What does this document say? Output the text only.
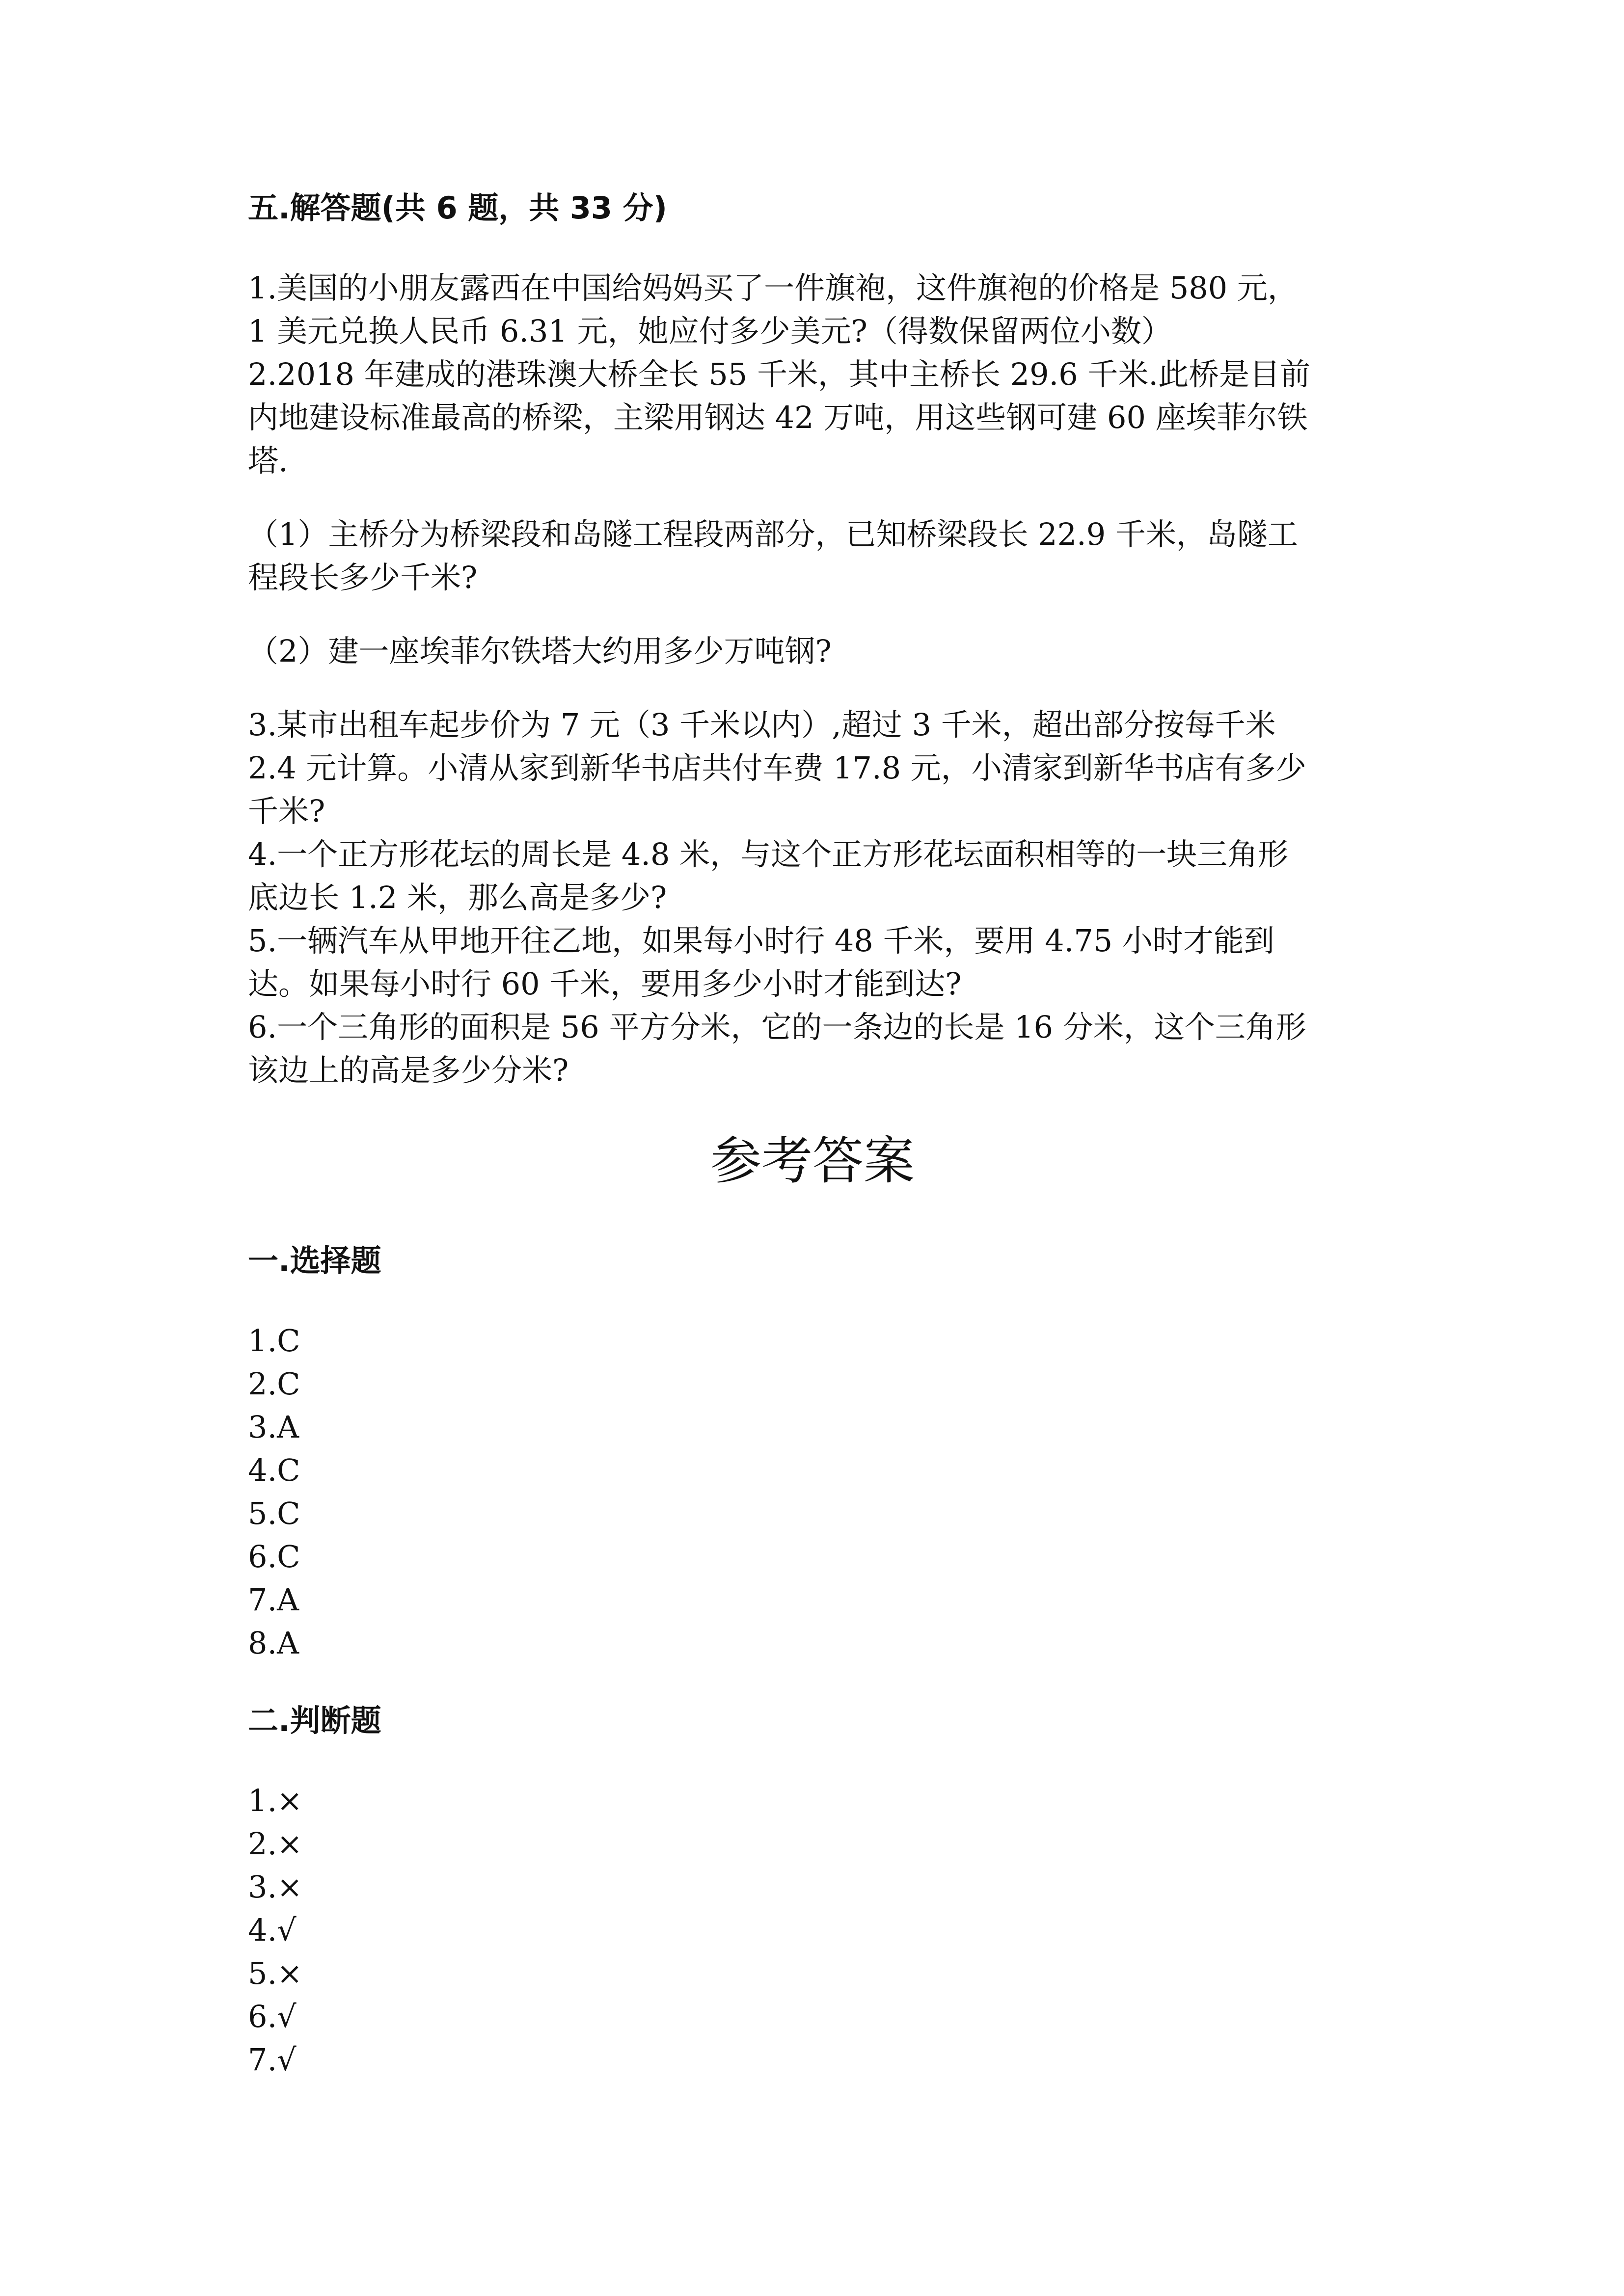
五.解答题(共 6 题，共 33 分)

1.美国的小朋友露西在中国给妈妈买了一件旗袍，这件旗袍的价格是 580 元，

1 美元兑换人民币 6.31 元，她应付多少美元?（得数保留两位小数）

2.2018 年建成的港珠澳大桥全长 55 千米，其中主桥长 29.6 千米.此桥是目前

内地建设标准最高的桥梁，主梁用钢达 42 万吨，用这些钢可建 60 座埃菲尔铁

塔.

（1）主桥分为桥梁段和岛隧工程段两部分，已知桥梁段长 22.9 千米，岛隧工

程段长多少千米?

（2）建一座埃菲尔铁塔大约用多少万吨钢?

3.某市出租车起步价为 7 元（3 千米以内）,超过 3 千米，超出部分按每千米

2.4 元计算。小清从家到新华书店共付车费 17.8 元，小清家到新华书店有多少

千米?

4.一个正方形花坛的周长是 4.8 米，与这个正方形花坛面积相等的一块三角形

底边长 1.2 米，那么高是多少?

5.一辆汽车从甲地开往乙地，如果每小时行 48 千米，要用 4.75 小时才能到

达。如果每小时行 60 千米，要用多少小时才能到达?

6.一个三角形的面积是 56 平方分米，它的一条边的长是 16 分米，这个三角形

该边上的高是多少分米?

参考答案

一.选择题

1.C

2.C

3.A

4.C

5.C

6.C

7.A

8.A

二.判断题

1.×

2.×

3.×

4.√

5.×

6.√

7.√
